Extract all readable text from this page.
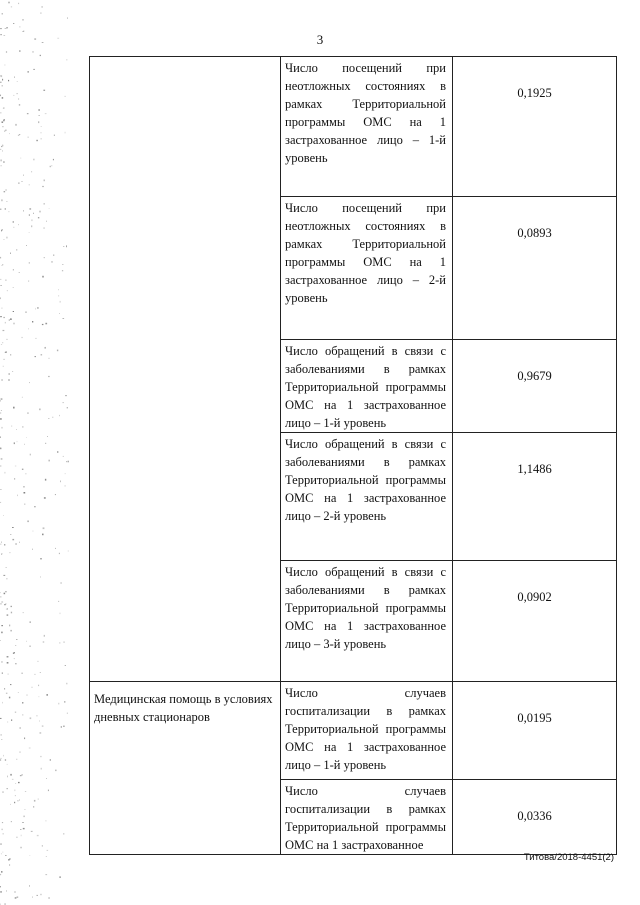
3

	Число посещений при неотложных состояниях в рамках Территориальной программы ОМС на 1 застрахованное лицо – 1-й уровень	0,1925

	Число посещений при неотложных состояниях в рамках Территориальной программы ОМС на 1 застрахованное лицо – 2-й уровень	0,0893

	Число обращений в связи с заболеваниями в рамках Территориальной программы ОМС на 1 застрахованное лицо – 1-й уровень	0,9679

	Число обращений в связи с заболеваниями в рамках Территориальной программы ОМС на 1 застрахованное лицо – 2-й уровень	1,1486

	Число обращений в связи с заболеваниями в рамках Территориальной программы ОМС на 1 застрахованное лицо – 3-й уровень	0,0902

Медицинская помощь в условиях дневных стационаров	Число случаев госпитализации в рамках Территориальной программы ОМС на 1 застрахованное лицо – 1-й уровень	0,0195

	Число случаев госпитализации в рамках Территориальной программы ОМС на 1 застрахованное	0,0336
Титова/2018-4451(2)
